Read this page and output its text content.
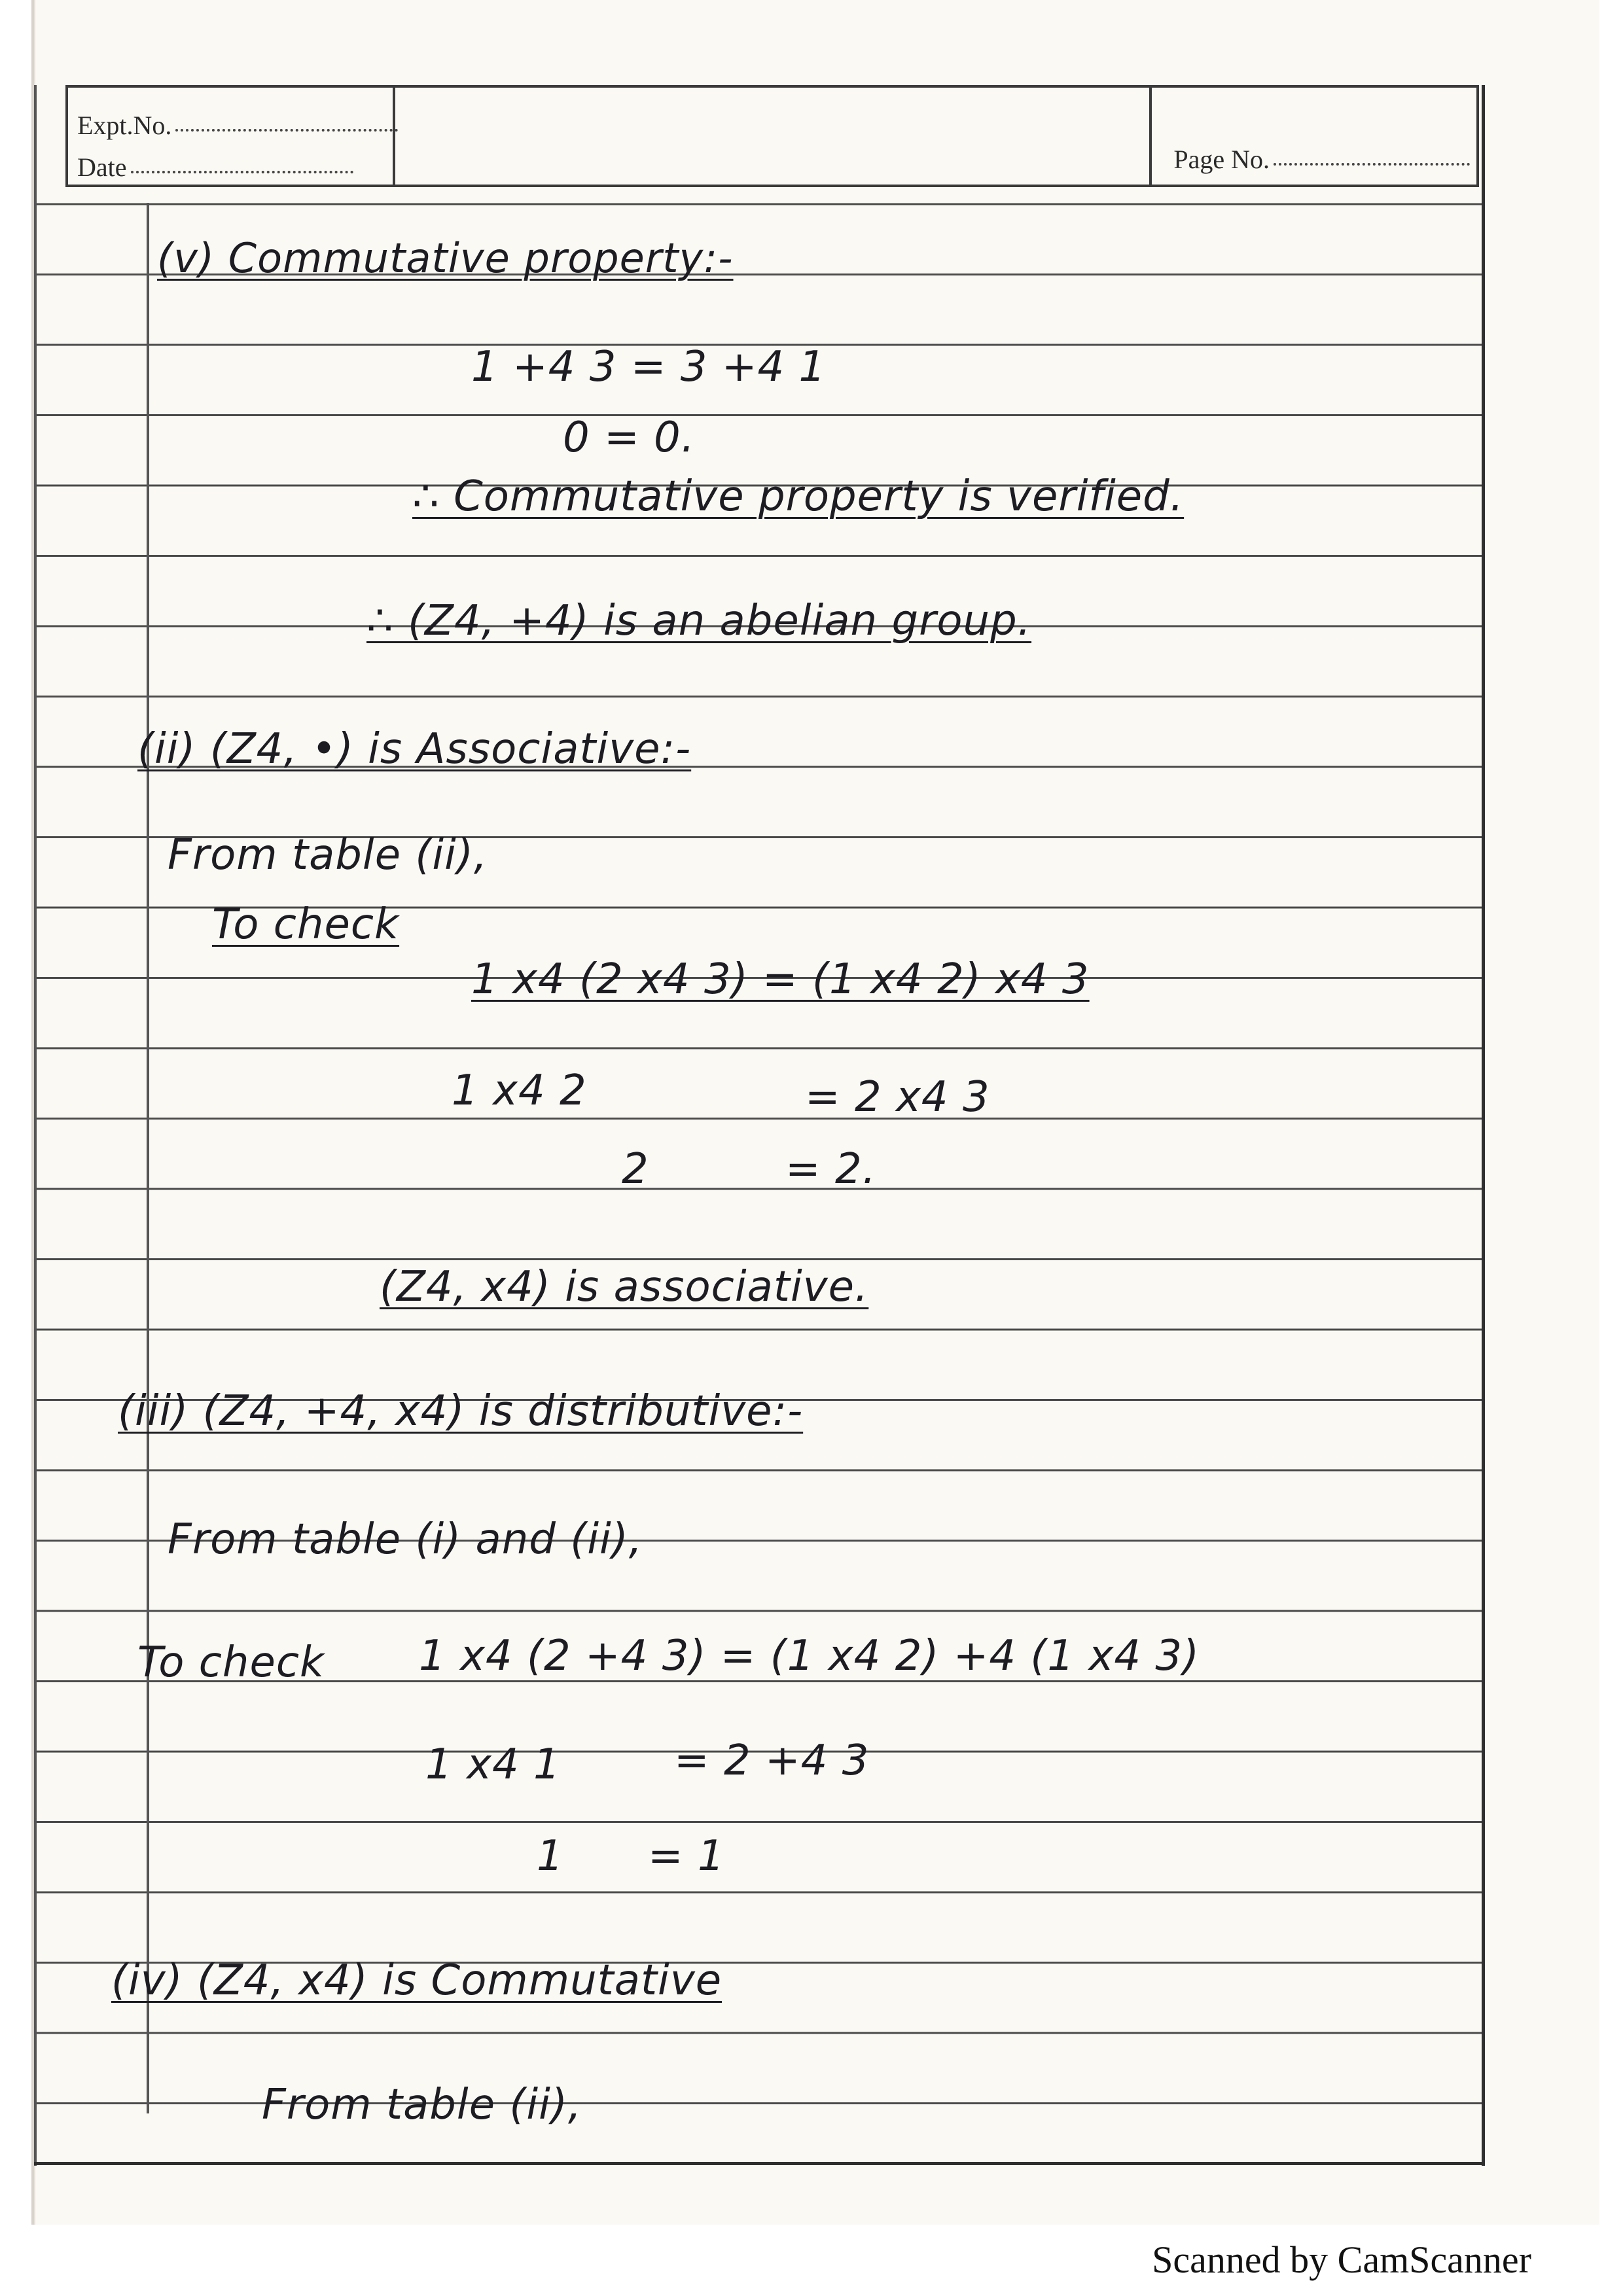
Expt.No.
Date	Page No.
(v) Commutative property:-
1 +4 3 = 3 +4 1
0 = 0.
∴ Commutative property is verified.
∴ (Z4, +4) is an abelian group.
(ii) (Z4, •) is Associative:-
From table (ii),
To check
1 x4 (2 x4 3) = (1 x4 2) x4 3
1 x4 2	= 2 x4 3
2	= 2.
(Z4, x4) is associative.
(iii) (Z4, +4, x4) is distributive:-
From table (i) and (ii),
To check 1 x4 (2 +4 3) = (1 x4 2) +4 (1 x4 3)
1 x4 1	= 2 +4 3
1 = 1
(iv) (Z4, x4) is Commutative
From table (ii),
Scanned by CamScanner
